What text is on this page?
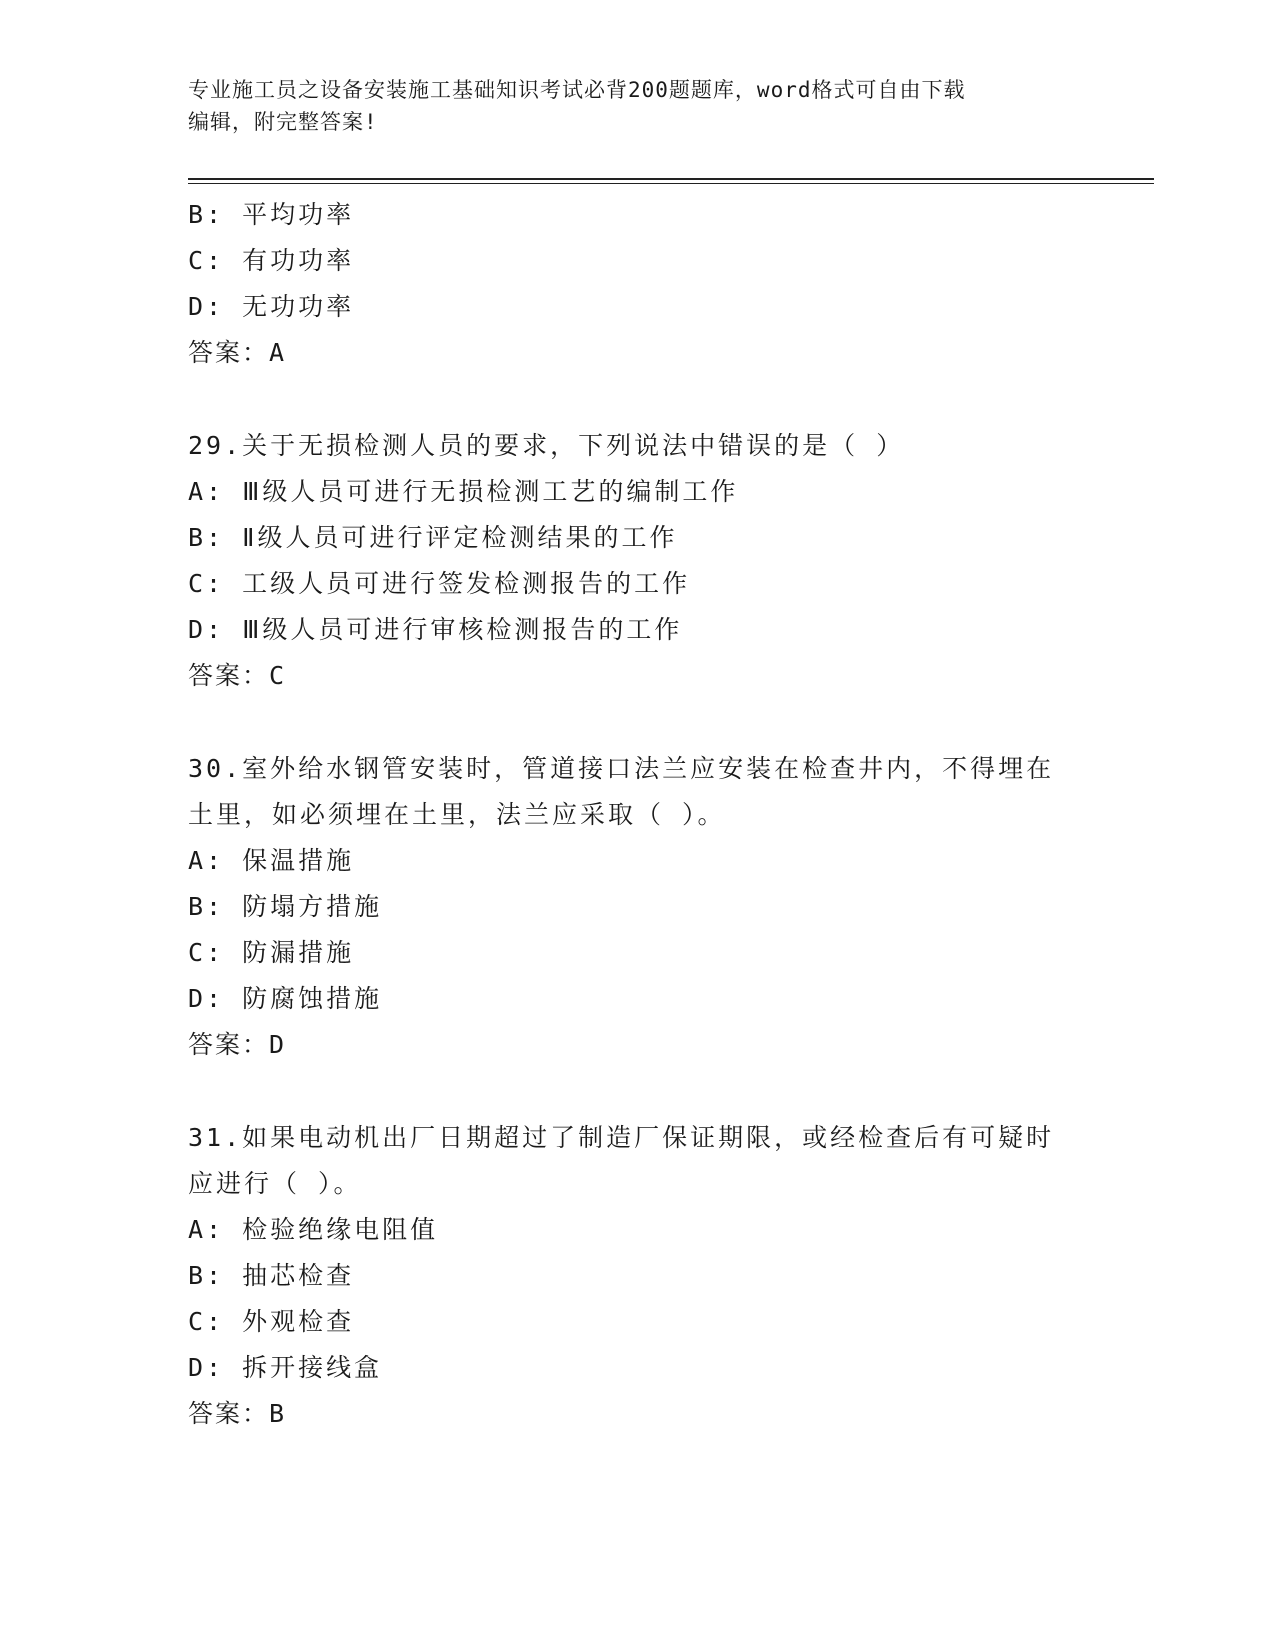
专业施工员之设备安装施工基础知识考试必背200题题库，word格式可自由下载
编辑，附完整答案!
B: 平均功率
C: 有功功率
D: 无功功率
答案：A
29.关于无损检测人员的要求，下列说法中错误的是（ ）
A: Ⅲ级人员可进行无损检测工艺的编制工作
B: Ⅱ级人员可进行评定检测结果的工作
C: 工级人员可进行签发检测报告的工作
D: Ⅲ级人员可进行审核检测报告的工作
答案：C
30.室外给水钢管安装时，管道接口法兰应安装在检查井内，不得埋在
土里，如必须埋在土里，法兰应采取（ ）。
A: 保温措施
B: 防塌方措施
C: 防漏措施
D: 防腐蚀措施
答案：D
31.如果电动机出厂日期超过了制造厂保证期限，或经检查后有可疑时
应进行（ ）。
A: 检验绝缘电阻值
B: 抽芯检查
C: 外观检查
D: 拆开接线盒
答案：B
